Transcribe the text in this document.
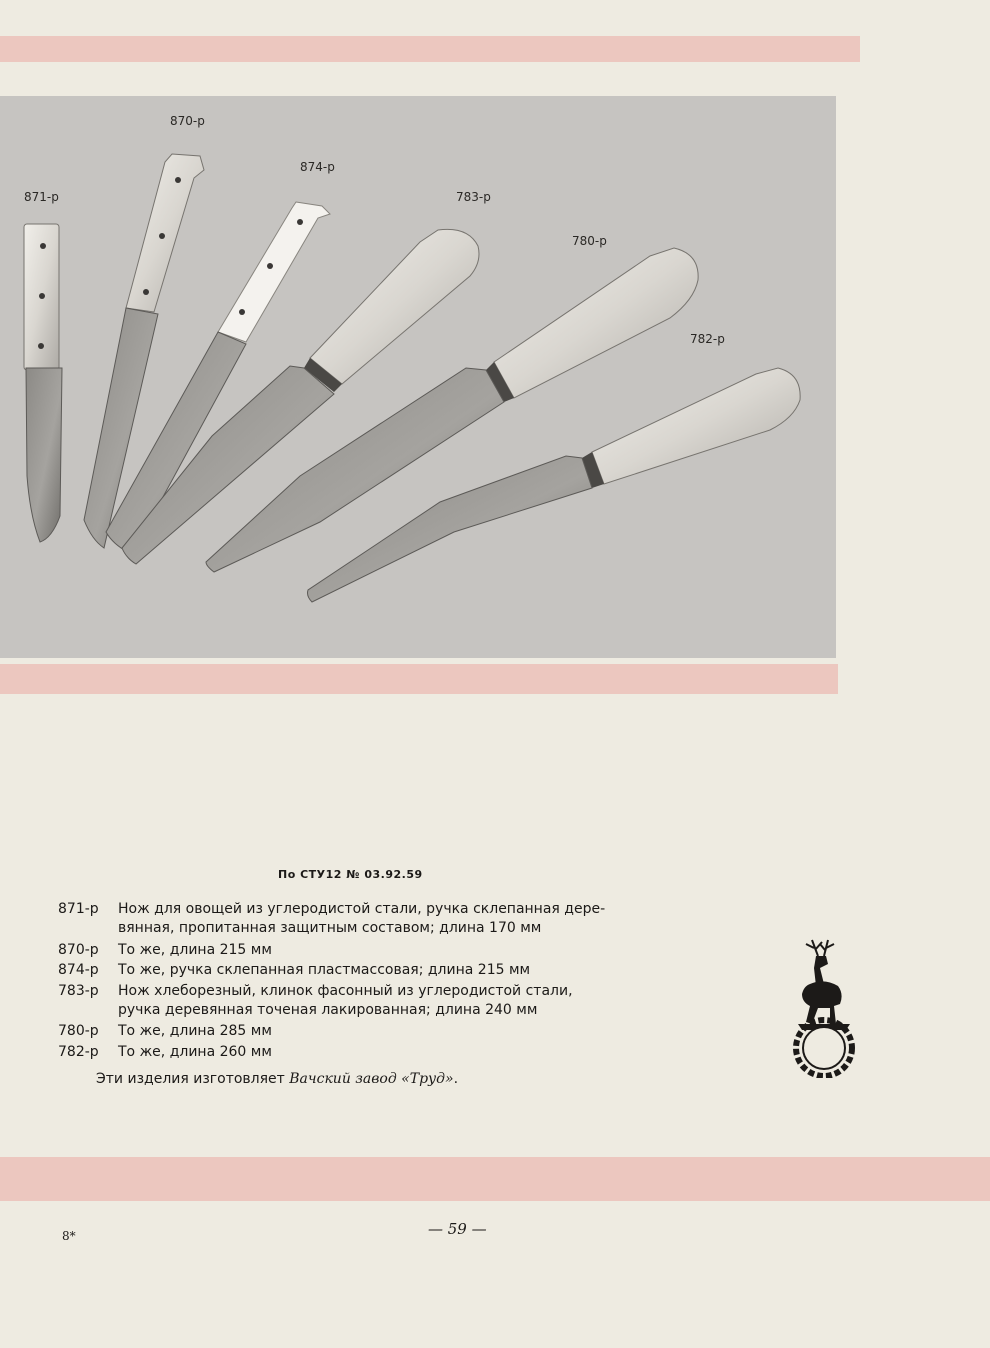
871-р
870-р
874-р
783-р
780-р
782-р
По СТУ12 № 03.92.59
871-р Нож для овощей из углеродистой стали, ручка склепанная дере-
вянная, пропитанная защитным составом; длина 170 мм
870-р То же, длина 215 мм
874-р То же, ручка склепанная пластмассовая; длина 215 мм
783-р Нож хлеборезный, клинок фасонный из углеродистой стали,
ручка деревянная точеная лакированная; длина 240 мм
780-р То же, длина 285 мм
782-р То же, длина 260 мм
Эти изделия изготовляет Вачский завод «Труд».
8*	— 59 —
